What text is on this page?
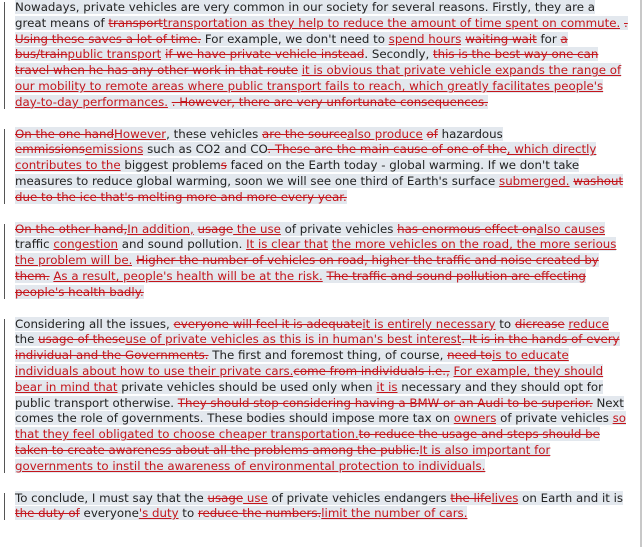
Nowadays, private vehicles are very common in our society for several reasons. Firstly, they are a great means of transporttransportation as they help to reduce the amount of time spent on commute. . Using these saves a lot of time. For example, we don't need to spend hours waiting wait for a bus/trainpublic transport if we have private vehicle instead. Secondly, this is the best way one can travel when he has any other work in that route it is obvious that private vehicle expands the range of our mobility to remote areas where public transport fails to reach, which greatly facilitates people's day-to-day performances. . However, there are very unfortunate consequences.
On the one handHowever, these vehicles are the sourcealso produce of hazardous emmissionsemissions such as CO2 and CO. These are the main cause of one of the, which directly contributes to the biggest problems faced on the Earth today - global warming. If we don't take measures to reduce global warming, soon we will see one third of Earth's surface submerged. washout due to the ice that's melting more and more every year.
On the other hand,In addition, usage the use of private vehicles has enormous effect onalso causes traffic congestion and sound pollution. It is clear that the more vehicles on the road, the more serious the problem will be. Higher the number of vehicles on road, higher the traffic and noise created by them. As a result, people's health will be at the risk. The traffic and sound pollution are effecting people's health badly.
Considering all the issues, everyone will feel it is adequateit is entirely necessary to dicrease reduce the usage of theseuse of private vehicles as this is in human's best interest. It is in the hands of every individual and the Governments. The first and foremost thing, of course, need tois to educate individuals about how to use their private cars.come from individuals i.e., For example, they should bear in mind that private vehicles should be used only when it is necessary and they should opt for public transport otherwise. They should stop considering having a BMW or an Audi to be superior. Next comes the role of governments. These bodies should impose more tax on owners of private vehicles so that they feel obligated to choose cheaper transportation.to reduce the usage and steps should be taken to create awareness about all the problems among the public.It is also important for governments to instil the awareness of environmental protection to individuals.
To conclude, I must say that the usage use of private vehicles endangers the lifelives on Earth and it is the duty of everyone's duty to reduce the numbers.limit the number of cars.
